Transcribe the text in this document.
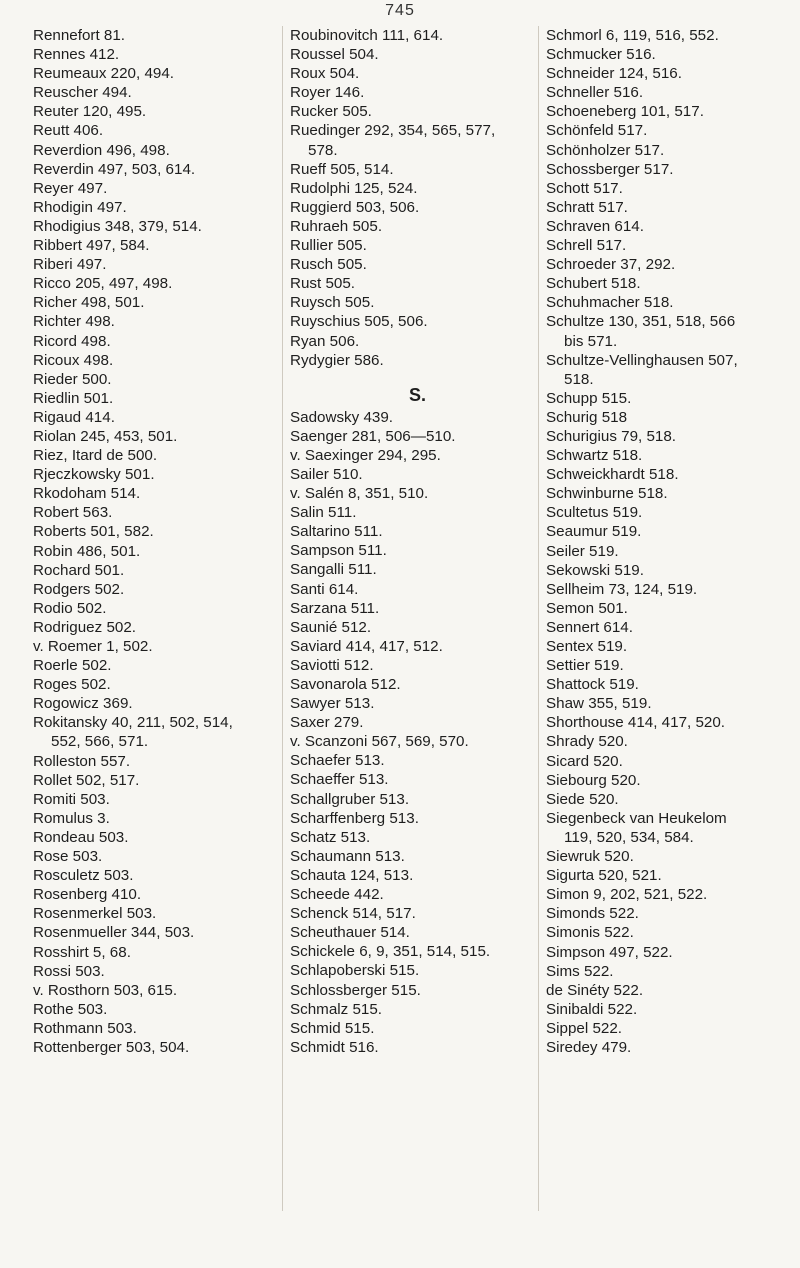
745
Rennefort 81.
Rennes 412.
Reumeaux 220, 494.
Reuscher 494.
Reuter 120, 495.
Reutt 406.
Reverdion 496, 498.
Reverdin 497, 503, 614.
Reyer 497.
Rhodigin 497.
Rhodigius 348, 379, 514.
Ribbert 497, 584.
Riberi 497.
Ricco 205, 497, 498.
Richer 498, 501.
Richter 498.
Ricord 498.
Ricoux 498.
Rieder 500.
Riedlin 501.
Rigaud 414.
Riolan 245, 453, 501.
Riez, Itard de 500.
Rjeczkowsky 501.
Rkodoham 514.
Robert 563.
Roberts 501, 582.
Robin 486, 501.
Rochard 501.
Rodgers 502.
Rodio 502.
Rodriguez 502.
v. Roemer 1, 502.
Roerle 502.
Roges 502.
Rogowicz 369.
Rokitansky 40, 211, 502, 514,
552, 566, 571.
Rolleston 557.
Rollet 502, 517.
Romiti 503.
Romulus 3.
Rondeau 503.
Rose 503.
Rosculetz 503.
Rosenberg 410.
Rosenmerkel 503.
Rosenmueller 344, 503.
Rosshirt 5, 68.
Rossi 503.
v. Rosthorn 503, 615.
Rothe 503.
Rothmann 503.
Rottenberger 503, 504.
Roubinovitch 111, 614.
Roussel 504.
Roux 504.
Royer 146.
Rucker 505.
Ruedinger 292, 354, 565, 577,
578.
Rueff 505, 514.
Rudolphi 125, 524.
Ruggierd 503, 506.
Ruhraeh 505.
Rullier 505.
Rusch 505.
Rust 505.
Ruysch 505.
Ruyschius 505, 506.
Ryan 506.
Rydygier 586.
S.
Sadowsky 439.
Saenger 281, 506—510.
v. Saexinger 294, 295.
Sailer 510.
v. Salén 8, 351, 510.
Salin 511.
Saltarino 511.
Sampson 511.
Sangalli 511.
Santi 614.
Sarzana 511.
Saunié 512.
Saviard 414, 417, 512.
Saviotti 512.
Savonarola 512.
Sawyer 513.
Saxer 279.
v. Scanzoni 567, 569, 570.
Schaefer 513.
Schaeffer 513.
Schallgruber 513.
Scharffenberg 513.
Schatz 513.
Schaumann 513.
Schauta 124, 513.
Scheede 442.
Schenck 514, 517.
Scheuthauer 514.
Schickele 6, 9, 351, 514, 515.
Schlapoberski 515.
Schlossberger 515.
Schmalz 515.
Schmid 515.
Schmidt 516.
Schmorl 6, 119, 516, 552.
Schmucker 516.
Schneider 124, 516.
Schneller 516.
Schoeneberg 101, 517.
Schönfeld 517.
Schönholzer 517.
Schossberger 517.
Schott 517.
Schratt 517.
Schraven 614.
Schrell 517.
Schroeder 37, 292.
Schubert 518.
Schuhmacher 518.
Schultze 130, 351, 518, 566
bis 571.
Schultze-Vellinghausen 507,
518.
Schupp 515.
Schurig 518
Schurigius 79, 518.
Schwartz 518.
Schweickhardt 518.
Schwinburne 518.
Scultetus 519.
Seaumur 519.
Seiler 519.
Sekowski 519.
Sellheim 73, 124, 519.
Semon 501.
Sennert 614.
Sentex 519.
Settier 519.
Shattock 519.
Shaw 355, 519.
Shorthouse 414, 417, 520.
Shrady 520.
Sicard 520.
Siebourg 520.
Siede 520.
Siegenbeck van Heukelom
119, 520, 534, 584.
Siewruk 520.
Sigurta 520, 521.
Simon 9, 202, 521, 522.
Simonds 522.
Simonis 522.
Simpson 497, 522.
Sims 522.
de Sinéty 522.
Sinibaldi 522.
Sippel 522.
Siredey 479.
